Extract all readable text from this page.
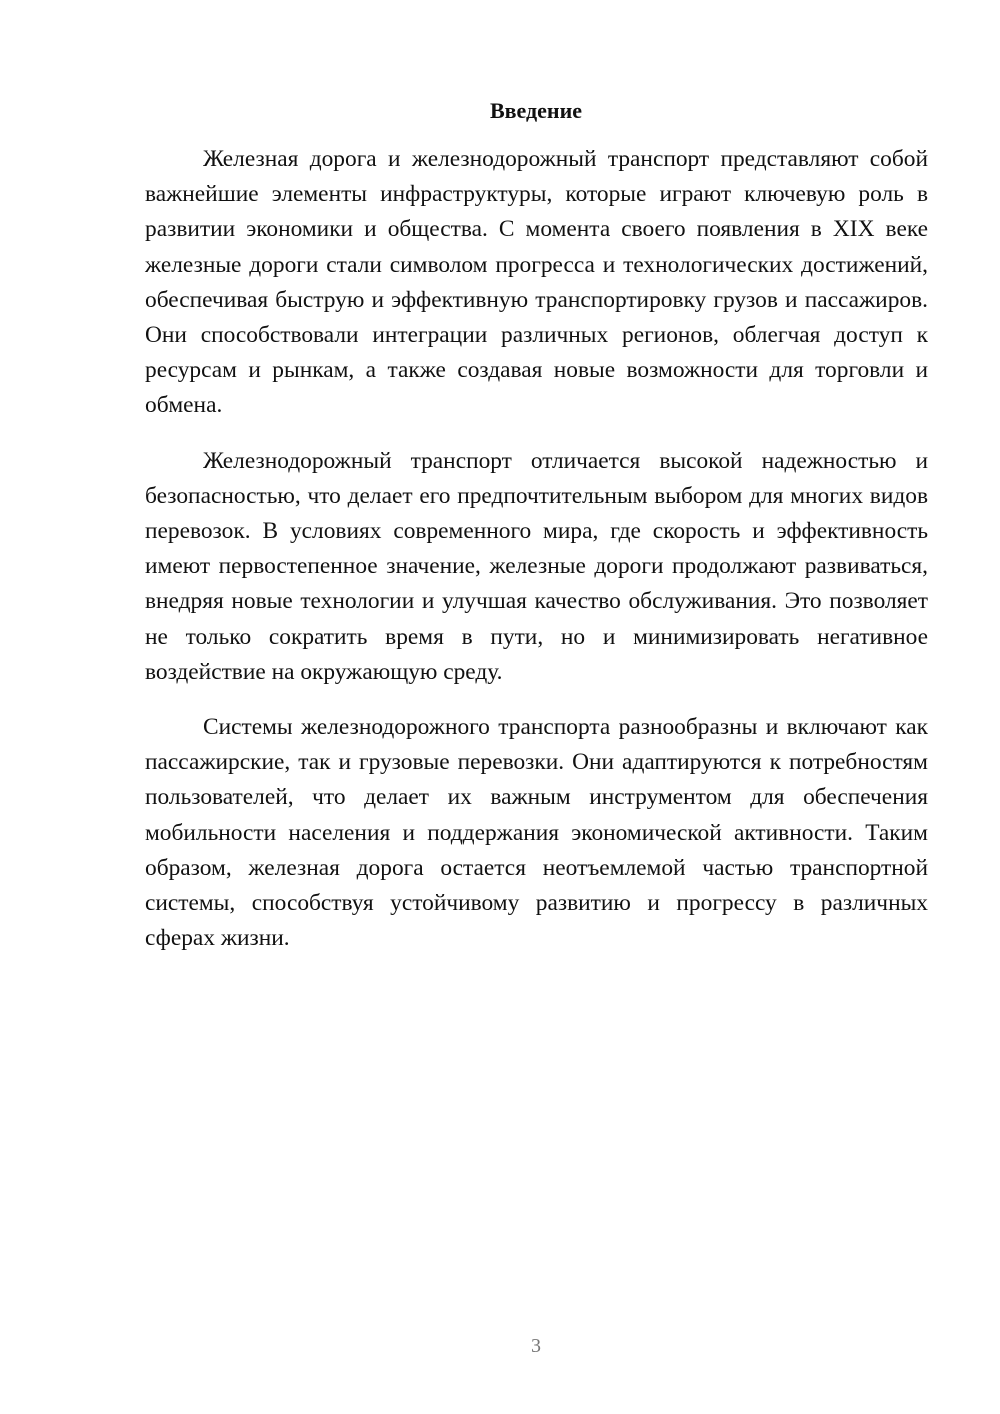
Введение

Железная дорога и железнодорожный транспорт представляют собой важнейшие элементы инфраструктуры, которые играют ключевую роль в развитии экономики и общества. С момента своего появления в XIX веке железные дороги стали символом прогресса и технологических достижений, обеспечивая быструю и эффективную транспортировку грузов и пассажиров. Они способствовали интеграции различных регионов, облегчая доступ к ресурсам и рынкам, а также создавая новые возможности для торговли и обмена.

Железнодорожный транспорт отличается высокой надежностью и безопасностью, что делает его предпочтительным выбором для многих видов перевозок. В условиях современного мира, где скорость и эффективность имеют первостепенное значение, железные дороги продолжают развиваться, внедряя новые технологии и улучшая качество обслуживания. Это позволяет не только сократить время в пути, но и минимизировать негативное воздействие на окружающую среду.

Системы железнодорожного транспорта разнообразны и включают как пассажирские, так и грузовые перевозки. Они адаптируются к потребностям пользователей, что делает их важным инструментом для обеспечения мобильности населения и поддержания экономической активности. Таким образом, железная дорога остается неотъемлемой частью транспортной системы, способствуя устойчивому развитию и прогрессу в различных сферах жизни.

3
